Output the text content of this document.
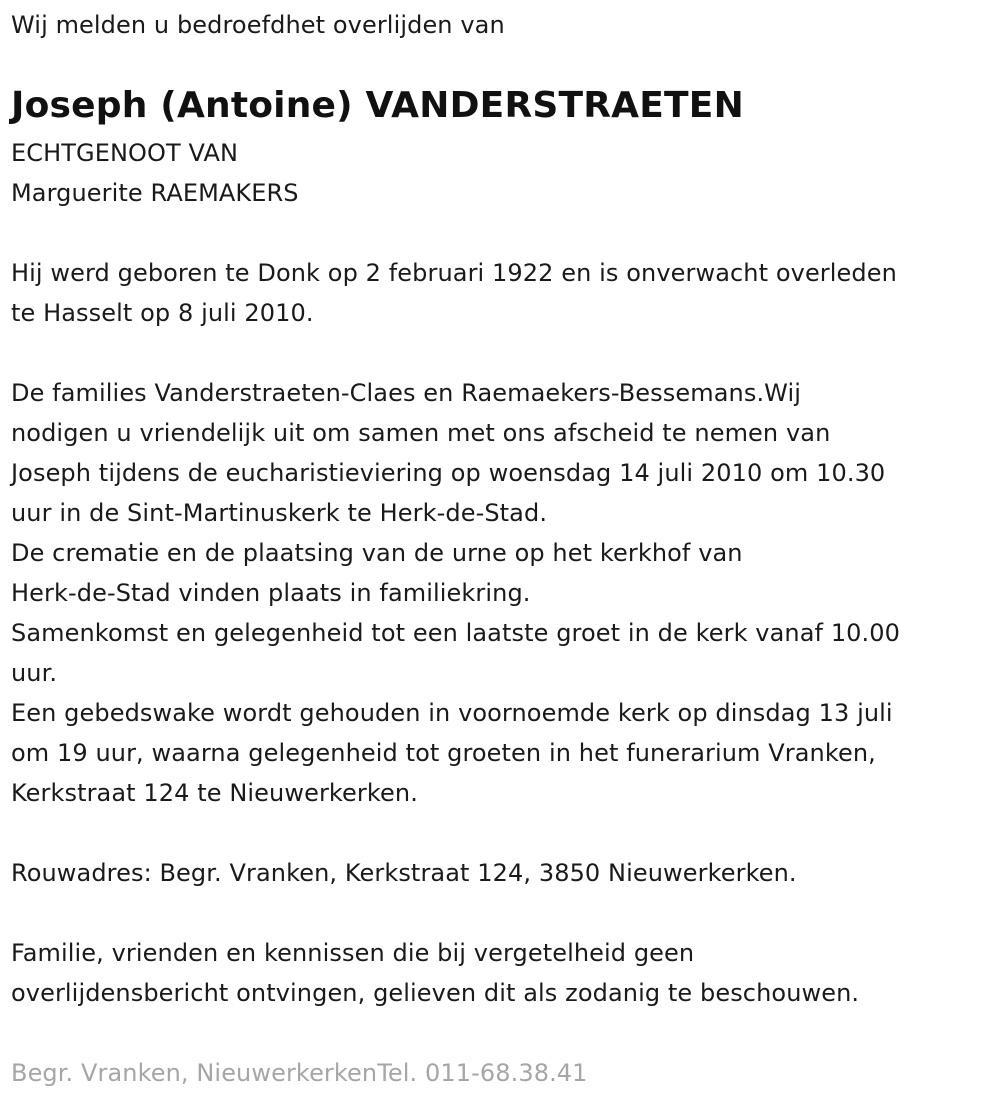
Wij melden u bedroefdhet overlijden van
Joseph (Antoine) VANDERSTRAETEN
ECHTGENOOT VAN
Marguerite RAEMAKERS
Hij werd geboren te Donk op 2 februari 1922 en is onverwacht overleden
te Hasselt op 8 juli 2010.
De families Vanderstraeten-Claes en Raemaekers-Bessemans.Wij
nodigen u vriendelijk uit om samen met ons afscheid te nemen van
Joseph tijdens de eucharistieviering op woensdag 14 juli 2010 om 10.30
uur in de Sint-Martinuskerk te Herk-de-Stad.
De crematie en de plaatsing van de urne op het kerkhof van
Herk-de-Stad vinden plaats in familiekring.
Samenkomst en gelegenheid tot een laatste groet in de kerk vanaf 10.00
uur.
Een gebedswake wordt gehouden in voornoemde kerk op dinsdag 13 juli
om 19 uur, waarna gelegenheid tot groeten in het funerarium Vranken,
Kerkstraat 124 te Nieuwerkerken.
Rouwadres: Begr. Vranken, Kerkstraat 124, 3850 Nieuwerkerken.
Familie, vrienden en kennissen die bij vergetelheid geen
overlijdensbericht ontvingen, gelieven dit als zodanig te beschouwen.
Begr. Vranken, NieuwerkerkenTel. 011-68.38.41
